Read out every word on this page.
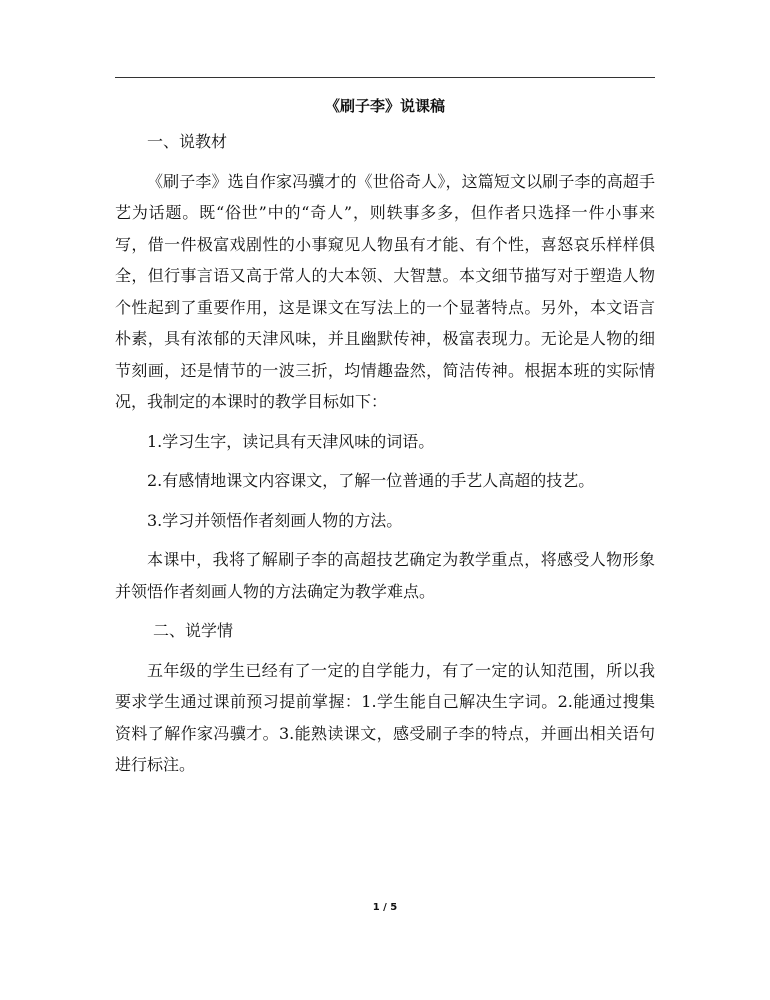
《刷子李》说课稿

一、说教材

《刷子李》选自作家冯骥才的《世俗奇人》，这篇短文以刷子李的高超手艺为话题。既“俗世”中的“奇人”，则轶事多多，但作者只选择一件小事来写，借一件极富戏剧性的小事窥见人物虽有才能、有个性，喜怒哀乐样样俱全，但行事言语又高于常人的大本领、大智慧。本文细节描写对于塑造人物个性起到了重要作用，这是课文在写法上的一个显著特点。另外，本文语言朴素，具有浓郁的天津风味，并且幽默传神，极富表现力。无论是人物的细节刻画，还是情节的一波三折，均情趣盎然，简洁传神。根据本班的实际情况，我制定的本课时的教学目标如下：

1.学习生字，读记具有天津风味的词语。

2.有感情地课文内容课文，了解一位普通的手艺人高超的技艺。

3.学习并领悟作者刻画人物的方法。

本课中，我将了解刷子李的高超技艺确定为教学重点，将感受人物形象并领悟作者刻画人物的方法确定为教学难点。

二、说学情

五年级的学生已经有了一定的自学能力，有了一定的认知范围，所以我要求学生通过课前预习提前掌握：1.学生能自己解决生字词。2.能通过搜集资料了解作家冯骥才。3.能熟读课文，感受刷子李的特点，并画出相关语句进行标注。

1 / 5
